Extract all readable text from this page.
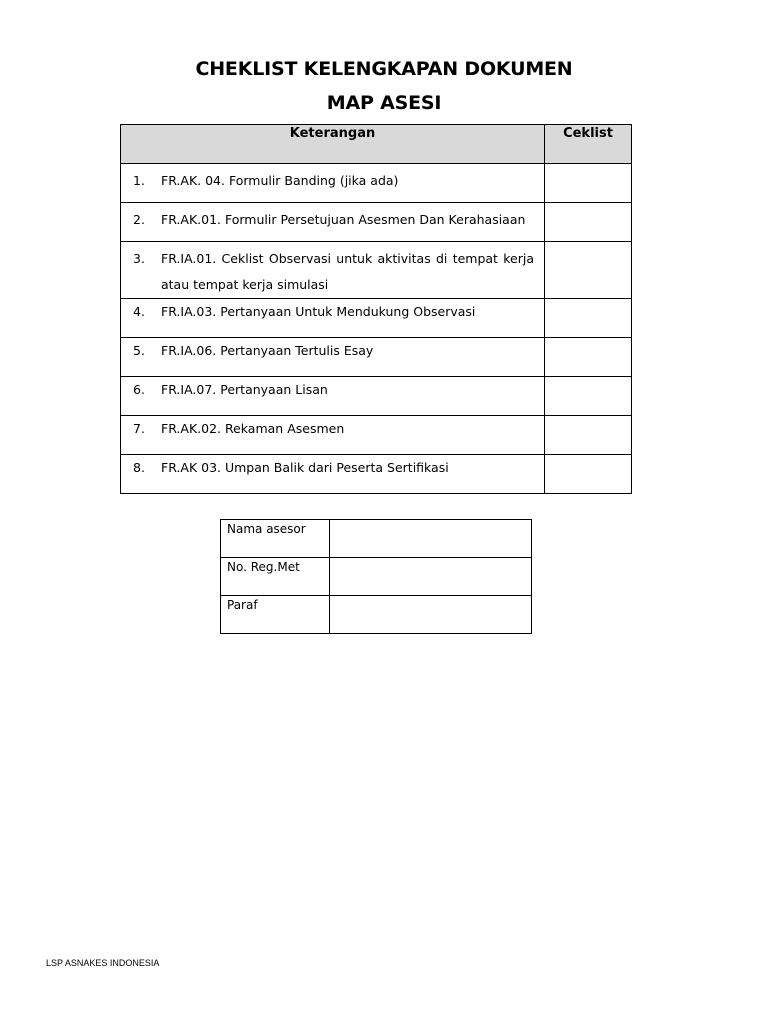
CHEKLIST KELENGKAPAN DOKUMEN
MAP ASESI
Keterangan	Ceklist

1. FR.AK. 04. Formulir Banding (jika ada)	

2. FR.AK.01. Formulir Persetujuan Asesmen Dan Kerahasiaan	

3. FR.IA.01. Ceklist Observasi untuk aktivitas di tempat kerja atau tempat kerja simulasi	

4. FR.IA.03. Pertanyaan Untuk Mendukung Observasi	

5. FR.IA.06. Pertanyaan Tertulis Esay	

6. FR.IA.07. Pertanyaan Lisan	

7. FR.AK.02. Rekaman Asesmen	

8. FR.AK 03. Umpan Balik dari Peserta Sertifikasi	

Nama asesor	
No. Reg.Met	
Paraf	
LSP ASNAKES INDONESIA
